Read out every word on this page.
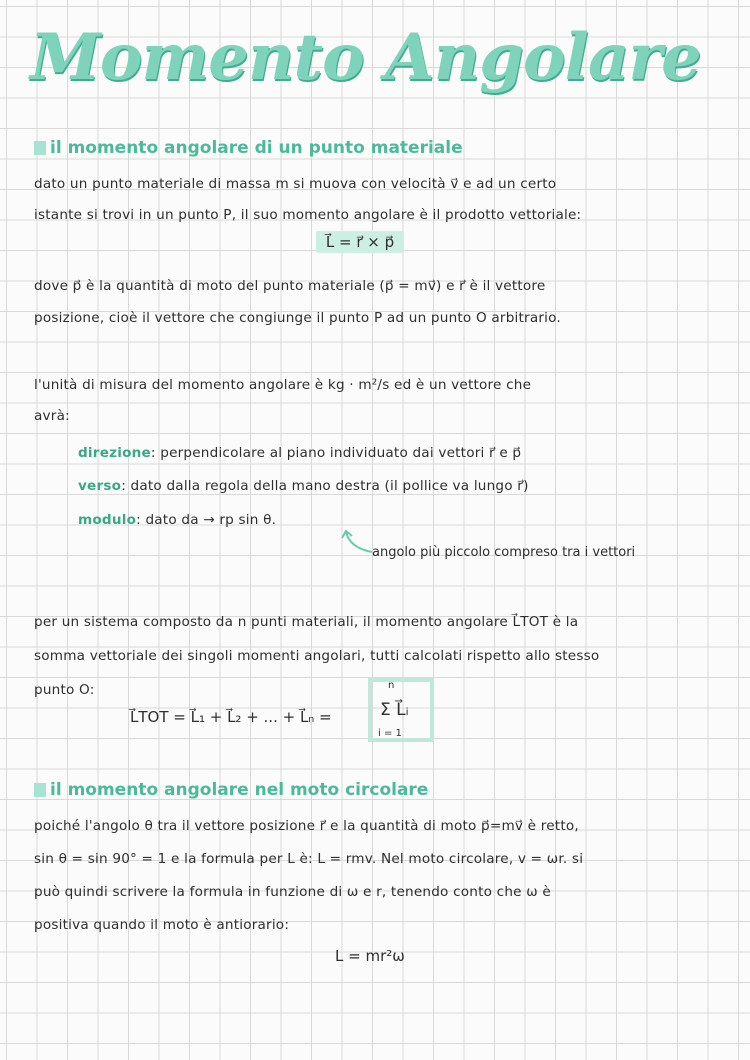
Momento Angolare
il momento angolare di un punto materiale
dato un punto materiale di massa m si muova con velocità v⃗ e ad un certo
istante si trovi in un punto P, il suo momento angolare è il prodotto vettoriale:
L⃗ = r⃗ × p⃗
dove p⃗ è la quantità di moto del punto materiale (p⃗ = mv⃗) e r⃗ è il vettore
posizione, cioè il vettore che congiunge il punto P ad un punto O arbitrario.
l'unità di misura del momento angolare è kg · m²/s ed è un vettore che
avrà:
direzione: perpendicolare al piano individuato dai vettori r⃗ e p⃗
verso: dato dalla regola della mano destra (il pollice va lungo r⃗)
modulo: dato da → rp sin θ.
angolo più piccolo compreso tra i vettori
per un sistema composto da n punti materiali, il momento angolare L⃗TOT è la
somma vettoriale dei singoli momenti angolari, tutti calcolati rispetto allo stesso
punto O:
L⃗TOT = L⃗₁ + L⃗₂ + ... + L⃗ₙ =
n
Σ L⃗ᵢ
i = 1
il momento angolare nel moto circolare
poiché l'angolo θ tra il vettore posizione r⃗ e la quantità di moto p⃗=mv⃗ è retto,
sin θ = sin 90° = 1 e la formula per L è: L = rmv. Nel moto circolare, v = ωr. si
può quindi scrivere la formula in funzione di ω e r, tenendo conto che ω è
positiva quando il moto è antiorario:
L = mr²ω
